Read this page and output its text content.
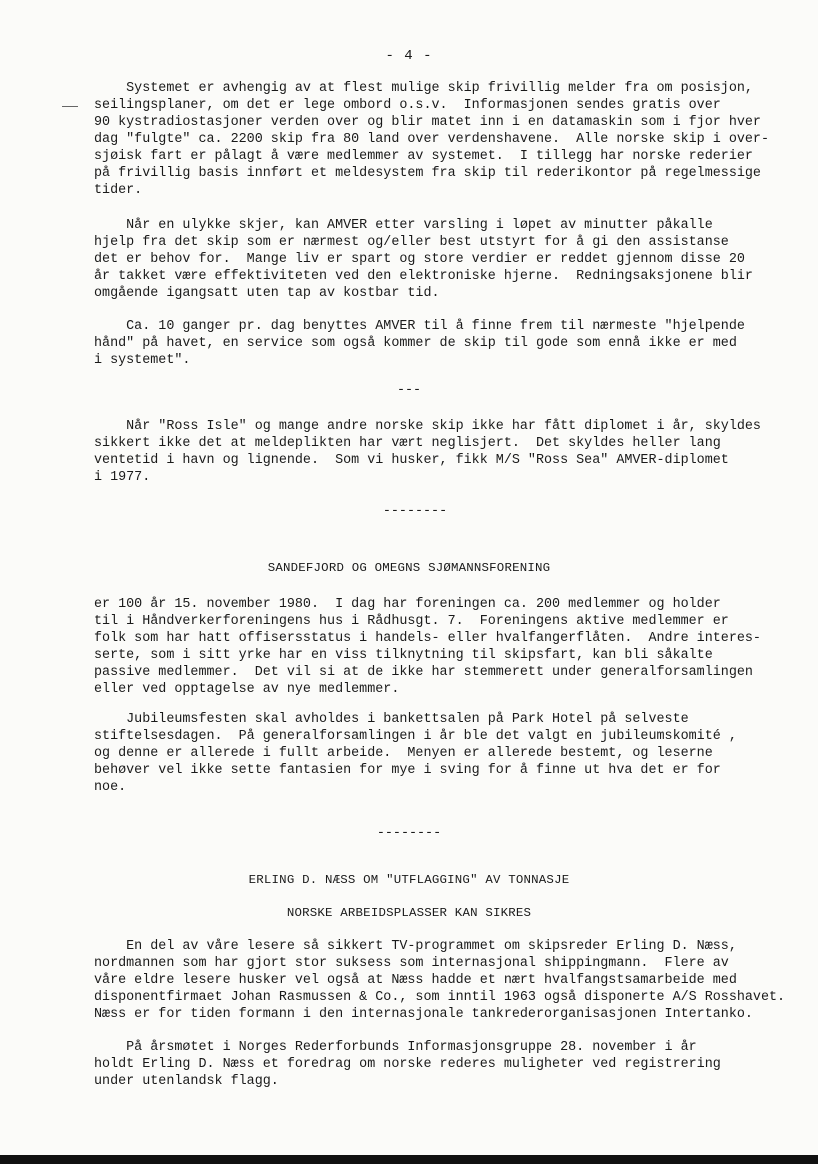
- 4 -

Systemet er avhengig av at flest mulige skip frivillig melder fra om posisjon,
seilingsplaner, om det er lege ombord o.s.v.  Informasjonen sendes gratis over
90 kystradiostasjoner verden over og blir matet inn i en datamaskin som i fjor hver
dag "fulgte" ca. 2200 skip fra 80 land over verdenshavene.  Alle norske skip i over-
sjøisk fart er pålagt å være medlemmer av systemet.  I tillegg har norske rederier
på frivillig basis innført et meldesystem fra skip til rederikontor på regelmessige
tider.

Når en ulykke skjer, kan AMVER etter varsling i løpet av minutter påkalle
hjelp fra det skip som er nærmest og/eller best utstyrt for å gi den assistanse
det er behov for.  Mange liv er spart og store verdier er reddet gjennom disse 20
år takket være effektiviteten ved den elektroniske hjerne.  Redningsaksjonene blir
omgående igangsatt uten tap av kostbar tid.

Ca. 10 ganger pr. dag benyttes AMVER til å finne frem til nærmeste "hjelpende
hånd" på havet, en service som også kommer de skip til gode som ennå ikke er med
i systemet".

---

Når "Ross Isle" og mange andre norske skip ikke har fått diplomet i år, skyldes
sikkert ikke det at meldeplikten har vært neglisjert.  Det skyldes heller lang
ventetid i havn og lignende.  Som vi husker, fikk M/S "Ross Sea" AMVER-diplomet
i 1977.

--------
SANDEFJORD OG OMEGNS SJØMANNSFORENING

er 100 år 15. november 1980.  I dag har foreningen ca. 200 medlemmer og holder
til i Håndverkerforeningens hus i Rådhusgt. 7.  Foreningens aktive medlemmer er
folk som har hatt offisersstatus i handels- eller hvalfangerflåten.  Andre interes-
serte, som i sitt yrke har en viss tilknytning til skipsfart, kan bli såkalte
passive medlemmer.  Det vil si at de ikke har stemmerett under generalforsamlingen
eller ved opptagelse av nye medlemmer.

Jubileumsfesten skal avholdes i bankettsalen på Park Hotel på selveste
stiftelsesdagen.  På generalforsamlingen i år ble det valgt en jubileumskomité ,
og denne er allerede i fullt arbeide.  Menyen er allerede bestemt, og leserne
behøver vel ikke sette fantasien for mye i sving for å finne ut hva det er for
noe.

--------
ERLING D. NÆSS OM "UTFLAGGING" AV TONNASJE
NORSKE ARBEIDSPLASSER KAN SIKRES

En del av våre lesere så sikkert TV-programmet om skipsreder Erling D. Næss,
nordmannen som har gjort stor suksess som internasjonal shippingmann.  Flere av
våre eldre lesere husker vel også at Næss hadde et nært hvalfangstsamarbeide med
disponentfirmaet Johan Rasmussen & Co., som inntil 1963 også disponerte A/S Rosshavet.
Næss er for tiden formann i den internasjonale tankrederorganisasjonen Intertanko.

På årsmøtet i Norges Rederforbunds Informasjonsgruppe 28. november i år
holdt Erling D. Næss et foredrag om norske rederes muligheter ved registrering
under utenlandsk flagg.
